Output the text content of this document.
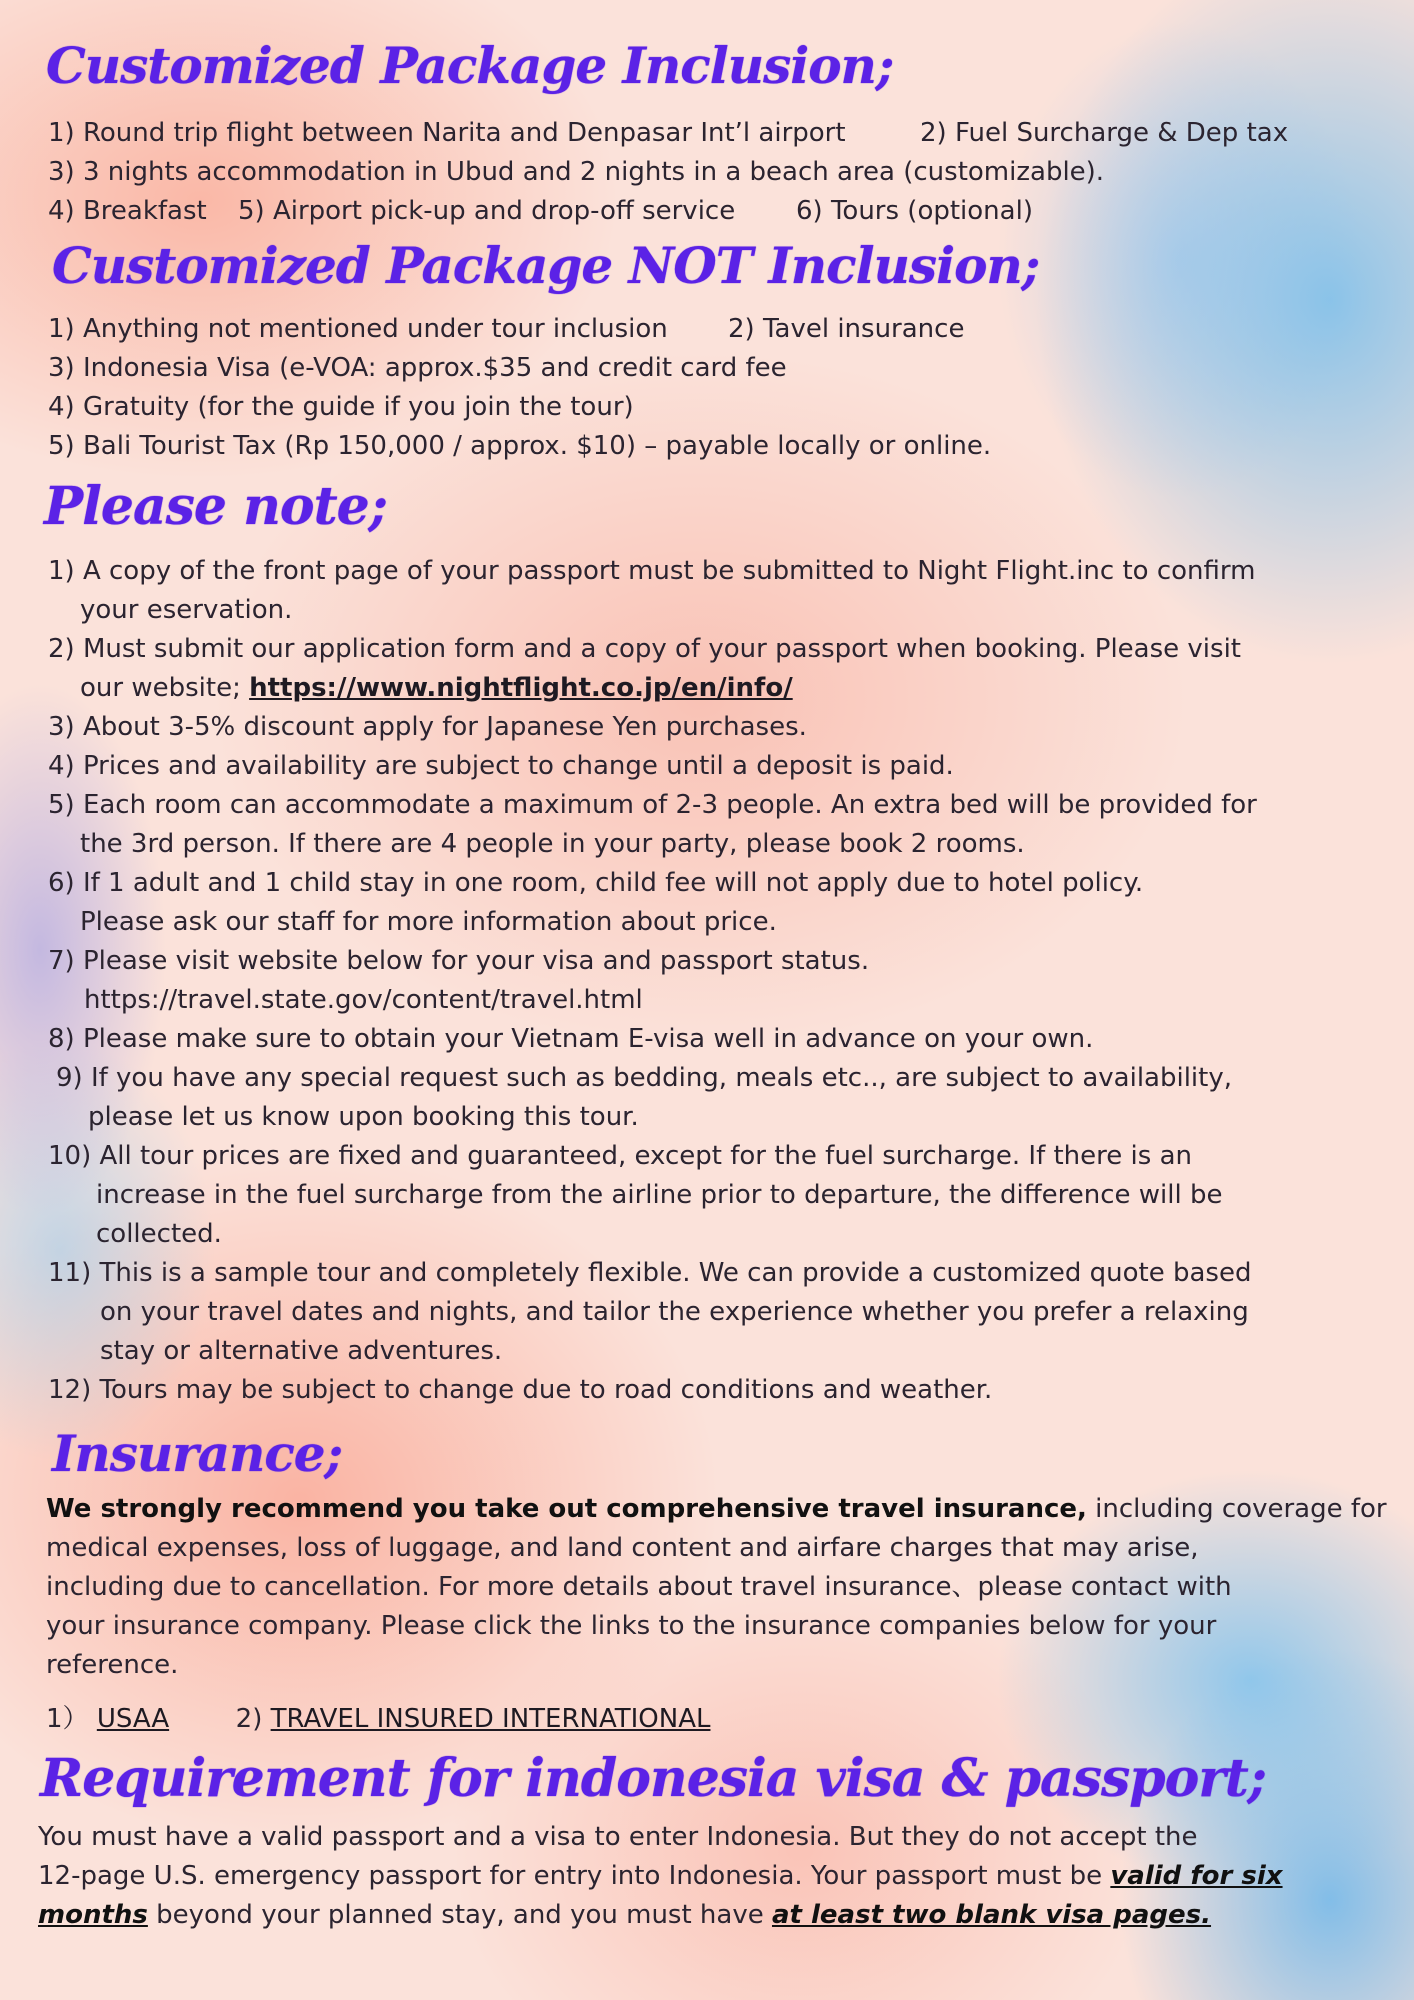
Customized Package Inclusion;

1) Round trip flight between Narita and Denpasar Int’l airport	2) Fuel Surcharge & Dep tax

3) 3 nights accommodation in Ubud and 2 nights in a beach area (customizable).

4) Breakfast 5) Airport pick-up and drop-off service 6) Tours (optional)

Customized Package NOT Inclusion;

1) Anything not mentioned under tour inclusion 2) Tavel insurance

3) Indonesia Visa (e-VOA: approx.$35 and credit card fee

4) Gratuity (for the guide if you join the tour)

5) Bali Tourist Tax (Rp 150,000 / approx. $10) – payable locally or online.

Please note;

1) A copy of the front page of your passport must be submitted to Night Flight.inc to confirm

your eservation.

2) Must submit our application form and a copy of your passport when booking. Please visit

our website; https://www.nightflight.co.jp/en/info/

3) About 3-5% discount apply for Japanese Yen purchases.

4) Prices and availability are subject to change until a deposit is paid.

5) Each room can accommodate a maximum of 2-3 people. An extra bed will be provided for

the 3rd person. If there are 4 people in your party, please book 2 rooms.

6) If 1 adult and 1 child stay in one room, child fee will not apply due to hotel policy.

Please ask our staff for more information about price.

7) Please visit website below for your visa and passport status.

https://travel.state.gov/content/travel.html

8) Please make sure to obtain your Vietnam E-visa well in advance on your own.

9) If you have any special request such as bedding, meals etc.., are subject to availability,

please let us know upon booking this tour.

10) All tour prices are fixed and guaranteed, except for the fuel surcharge. If there is an

increase in the fuel surcharge from the airline prior to departure, the difference will be

collected.

11) This is a sample tour and completely flexible. We can provide a customized quote based

on your travel dates and nights, and tailor the experience whether you prefer a relaxing

stay or alternative adventures.

12) Tours may be subject to change due to road conditions and weather.

Insurance;

We strongly recommend you take out comprehensive travel insurance, including coverage for

medical expenses, loss of luggage, and land content and airfare charges that may arise,

including due to cancellation. For more details about travel insurance、please contact with

your insurance company. Please click the links to the insurance companies below for your

reference.

1） USAA	2) TRAVEL INSURED INTERNATIONAL

Requirement for indonesia visa & passport;

You must have a valid passport and a visa to enter Indonesia. But they do not accept the

12-page U.S. emergency passport for entry into Indonesia. Your passport must be valid for six

months beyond your planned stay, and you must have at least two blank visa pages.
